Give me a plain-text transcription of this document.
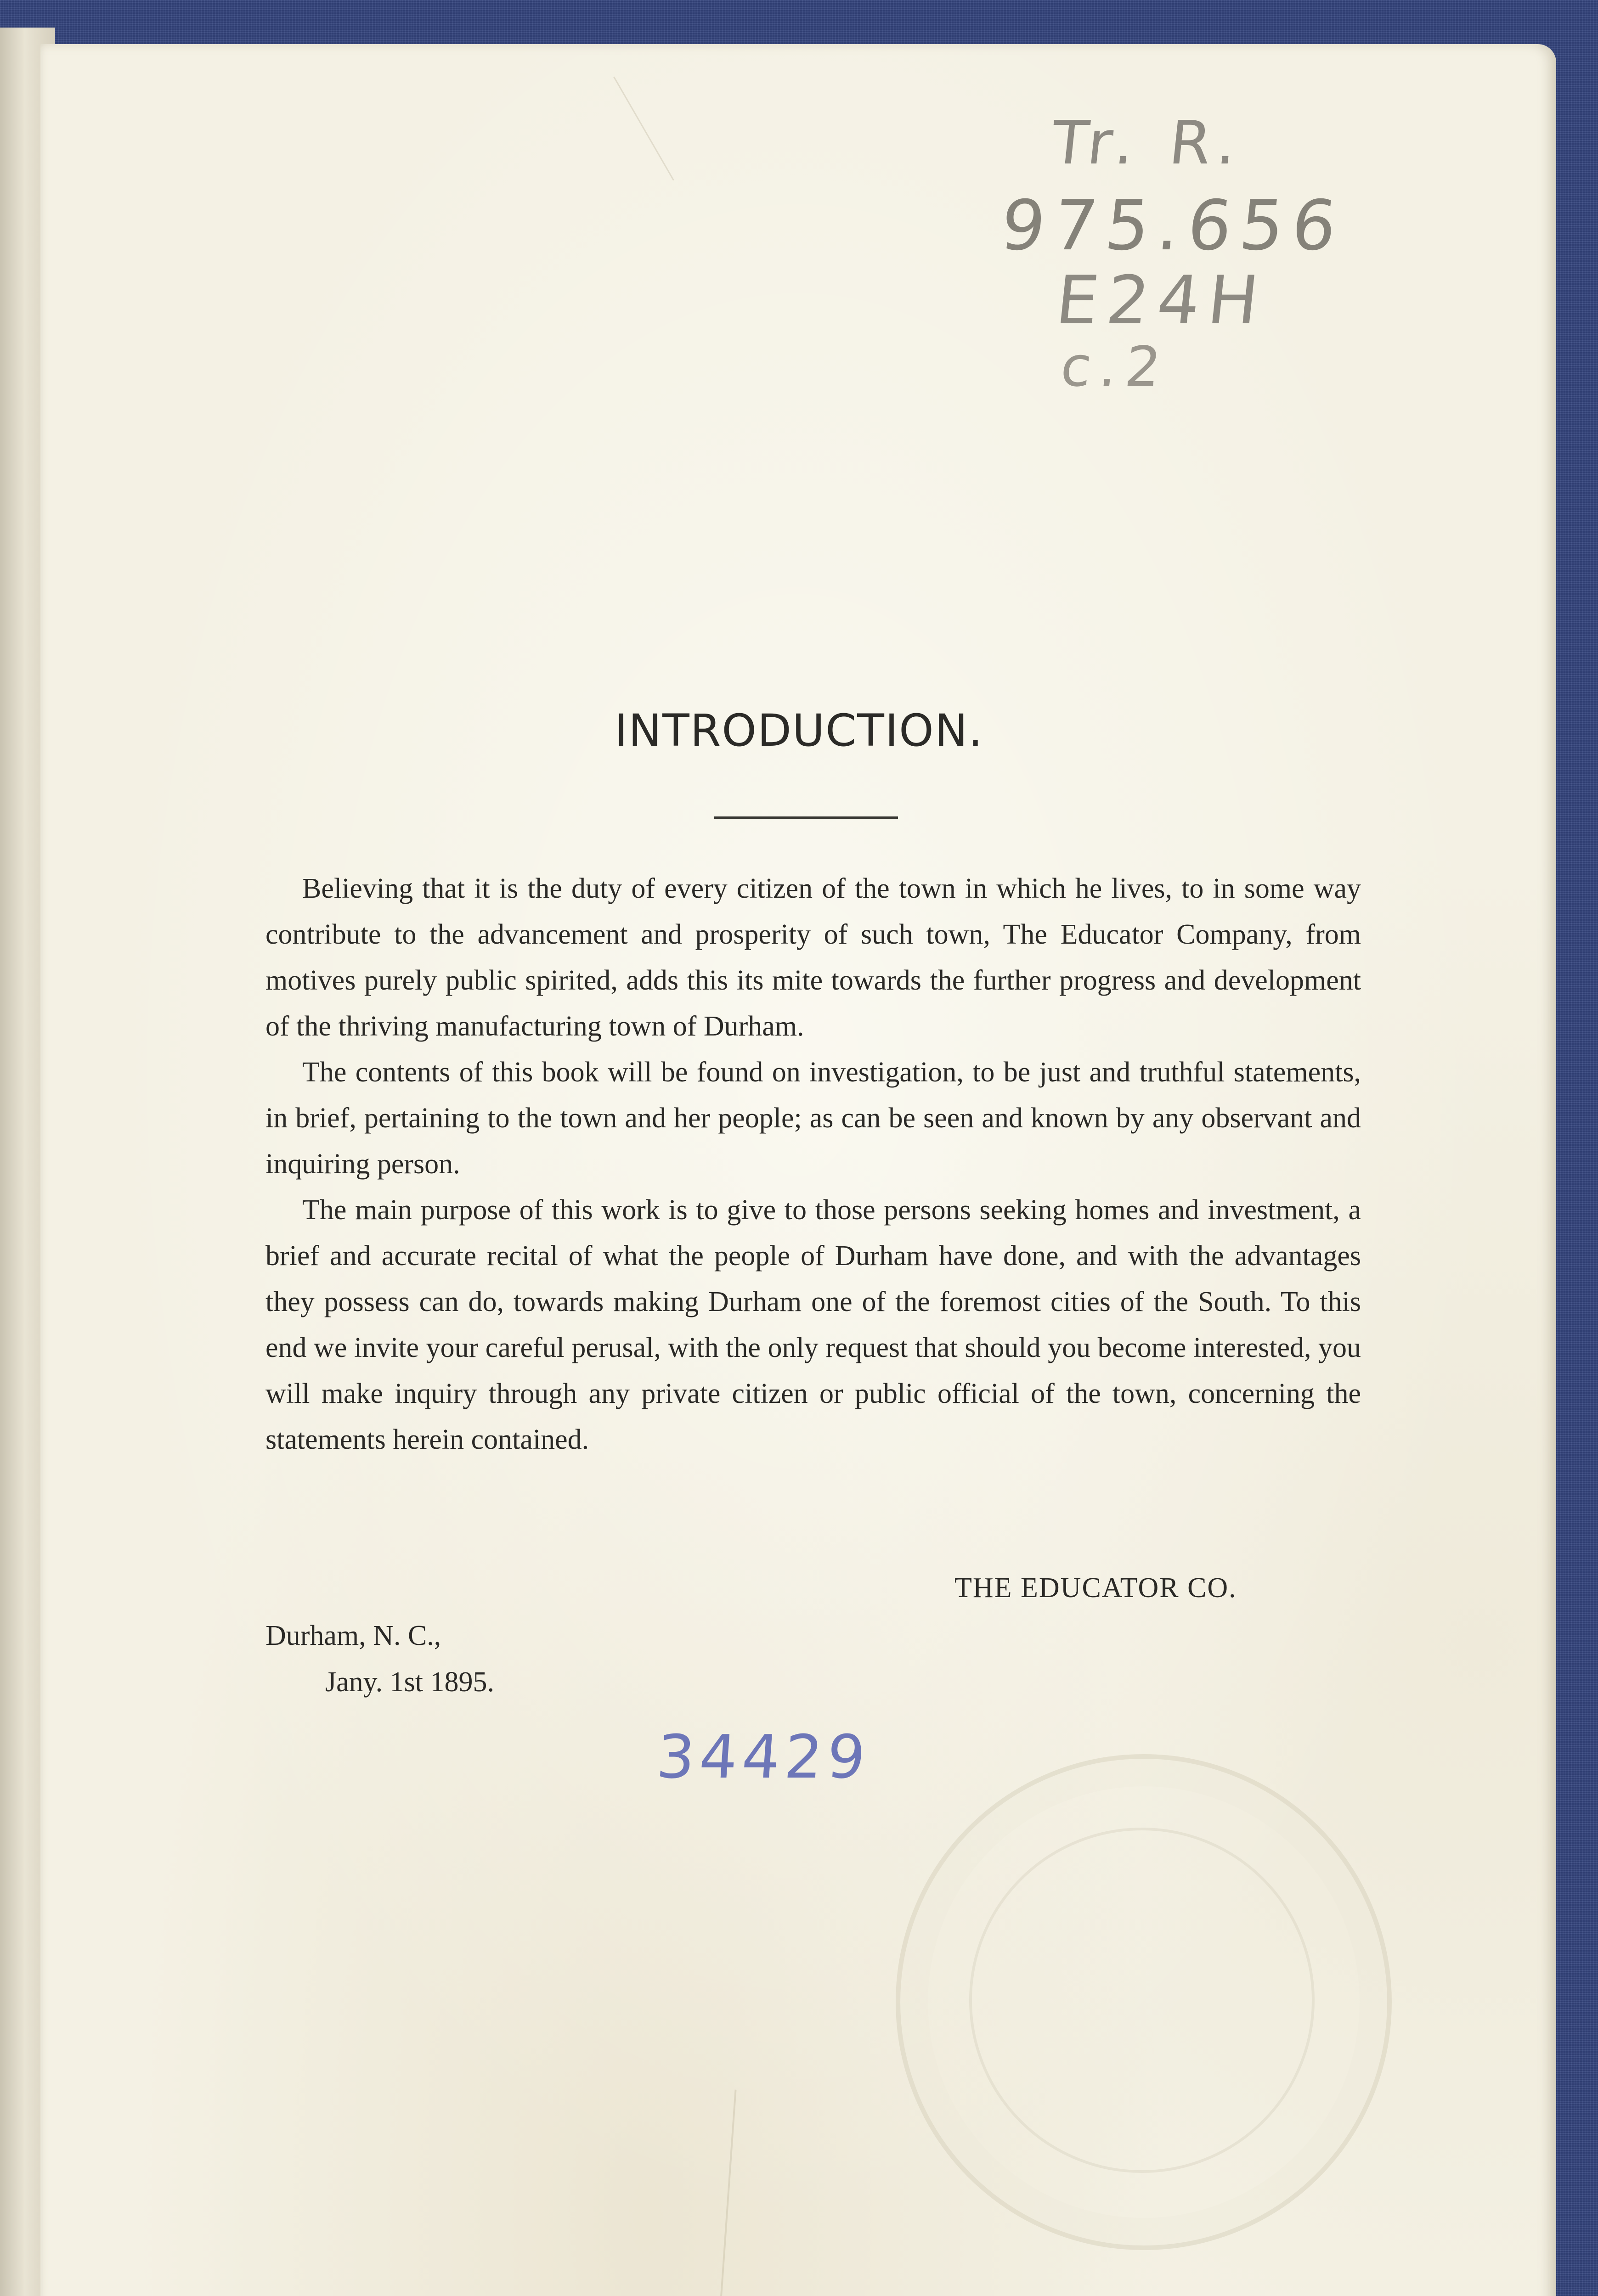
Tr. R.
975.656
E24H
c.2
INTRODUCTION.

Believing that it is the duty of every citizen of the town in which he lives, to in some way contribute to the advancement and prosperity of such town, The Educator Company, from motives purely public spirited, adds this its mite towards the further progress and development of the thriving manufacturing town of Durham.

The contents of this book will be found on investigation, to be just and truthful statements, in brief, pertaining to the town and her people; as can be seen and known by any observant and inquiring person.

The main purpose of this work is to give to those persons seeking homes and investment, a brief and accurate recital of what the people of Durham have done, and with the advantages they possess can do, towards making Durham one of the foremost cities of the South. To this end we invite your careful perusal, with the only request that should you become interested, you will make inquiry through any private citizen or public official of the town, concerning the statements herein contained.

THE EDUCATOR CO.
Durham, N. C.,
Jany. 1st 1895.
34429
